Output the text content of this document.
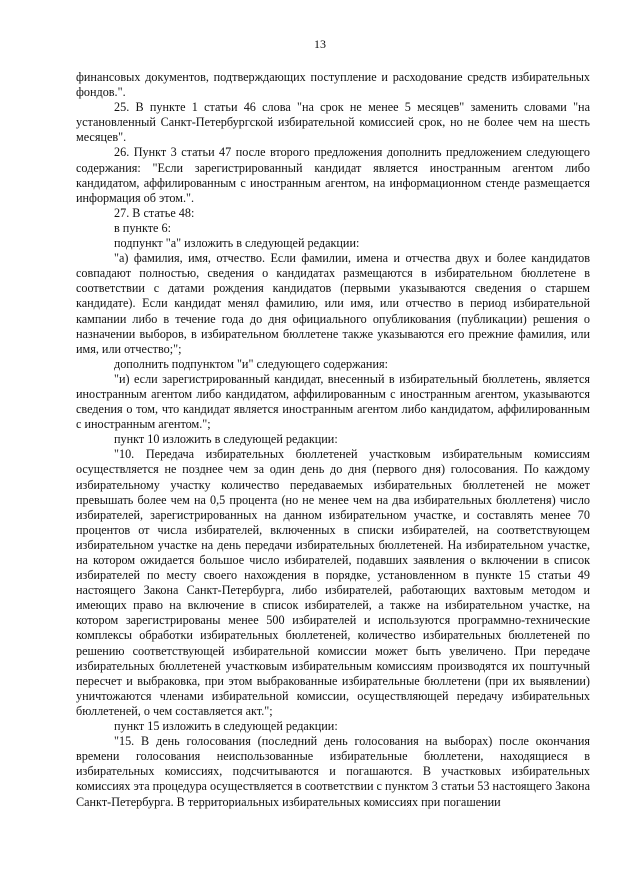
13

финансовых документов, подтверждающих поступление и расходование средств избирательных фондов.".

25. В пункте 1 статьи 46 слова "на срок не менее 5 месяцев" заменить словами "на установленный Санкт-Петербургской избирательной комиссией срок, но не более чем на шесть месяцев".

26. Пункт 3 статьи 47 после второго предложения дополнить предложением следующего содержания: "Если зарегистрированный кандидат является иностранным агентом либо кандидатом, аффилированным с иностранным агентом, на информационном стенде размещается информация об этом.".

27. В статье 48:

в пункте 6:

подпункт "а" изложить в следующей редакции:

"а) фамилия, имя, отчество. Если фамилии, имена и отчества двух и более кандидатов совпадают полностью, сведения о кандидатах размещаются в избирательном бюллетене в соответствии с датами рождения кандидатов (первыми указываются сведения о старшем кандидате). Если кандидат менял фамилию, или имя, или отчество в период избирательной кампании либо в течение года до дня официального опубликования (публикации) решения о назначении выборов, в избирательном бюллетене также указываются его прежние фамилия, или имя, или отчество;";

дополнить подпунктом "и" следующего содержания:

"и) если зарегистрированный кандидат, внесенный в избирательный бюллетень, является иностранным агентом либо кандидатом, аффилированным с иностранным агентом, указываются сведения о том, что кандидат является иностранным агентом либо кандидатом, аффилированным с иностранным агентом.";

пункт 10 изложить в следующей редакции:

"10. Передача избирательных бюллетеней участковым избирательным комиссиям осуществляется не позднее чем за один день до дня (первого дня) голосования. По каждому избирательному участку количество передаваемых избирательных бюллетеней не может превышать более чем на 0,5 процента (но не менее чем на два избирательных бюллетеня) число избирателей, зарегистрированных на данном избирательном участке, и составлять менее 70 процентов от числа избирателей, включенных в списки избирателей, на соответствующем избирательном участке на день передачи избирательных бюллетеней. На избирательном участке, на котором ожидается большое число избирателей, подавших заявления о включении в список избирателей по месту своего нахождения в порядке, установленном в пункте 15 статьи 49 настоящего Закона Санкт-Петербурга, либо избирателей, работающих вахтовым методом и имеющих право на включение в список избирателей, а также на избирательном участке, на котором зарегистрированы менее 500 избирателей и используются программно-технические комплексы обработки избирательных бюллетеней, количество избирательных бюллетеней по решению соответствующей избирательной комиссии может быть увеличено. При передаче избирательных бюллетеней участковым избирательным комиссиям производятся их поштучный пересчет и выбраковка, при этом выбракованные избирательные бюллетени (при их выявлении) уничтожаются членами избирательной комиссии, осуществляющей передачу избирательных бюллетеней, о чем составляется акт.";

пункт 15 изложить в следующей редакции:

"15. В день голосования (последний день голосования на выборах) после окончания времени голосования неиспользованные избирательные бюллетени, находящиеся в избирательных комиссиях, подсчитываются и погашаются. В участковых избирательных комиссиях эта процедура осуществляется в соответствии с пунктом 3 статьи 53 настоящего Закона Санкт-Петербурга. В территориальных избирательных комиссиях при погашении
